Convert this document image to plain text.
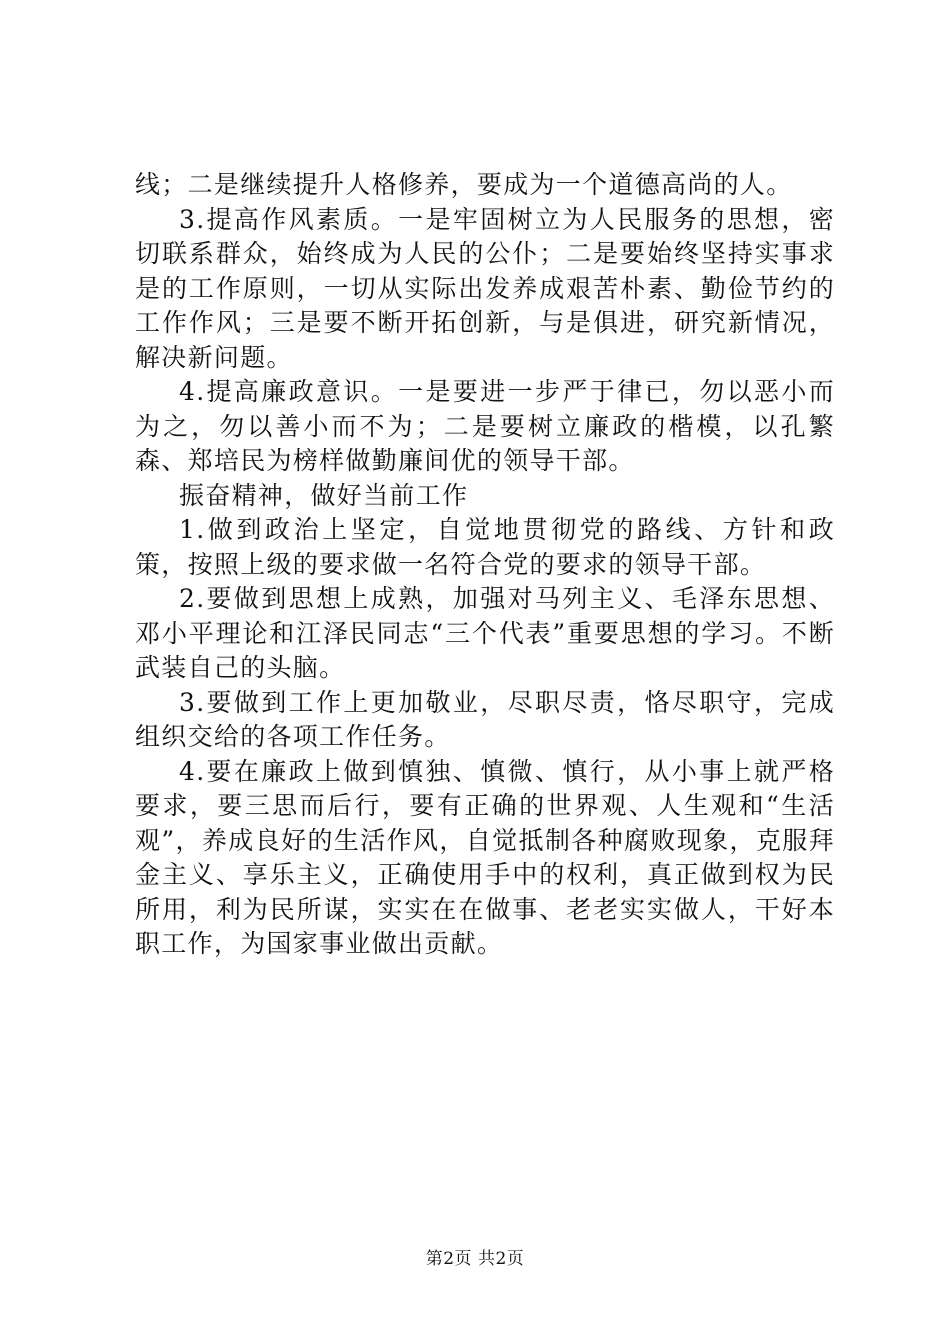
线；二是继续提升人格修养，要成为一个道德高尚的人。

3.提高作风素质。一是牢固树立为人民服务的思想，密切联系群众，始终成为人民的公仆；二是要始终坚持实事求是的工作原则，一切从实际出发养成艰苦朴素、勤俭节约的工作作风；三是要不断开拓创新，与是俱进，研究新情况，解决新问题。

4.提高廉政意识。一是要进一步严于律已，勿以恶小而为之，勿以善小而不为；二是要树立廉政的楷模，以孔繁森、郑培民为榜样做勤廉间优的领导干部。

振奋精神，做好当前工作

1.做到政治上坚定，自觉地贯彻党的路线、方针和政策，按照上级的要求做一名符合党的要求的领导干部。

2.要做到思想上成熟，加强对马列主义、毛泽东思想、邓小平理论和江泽民同志“三个代表”重要思想的学习。不断武装自己的头脑。

3.要做到工作上更加敬业，尽职尽责，恪尽职守，完成组织交给的各项工作任务。

4.要在廉政上做到慎独、慎微、慎行，从小事上就严格要求，要三思而后行，要有正确的世界观、人生观和“生活观”，养成良好的生活作风，自觉抵制各种腐败现象，克服拜金主义、享乐主义，正确使用手中的权利，真正做到权为民所用，利为民所谋，实实在在做事、老老实实做人，干好本职工作，为国家事业做出贡献。

第2页 共2页
